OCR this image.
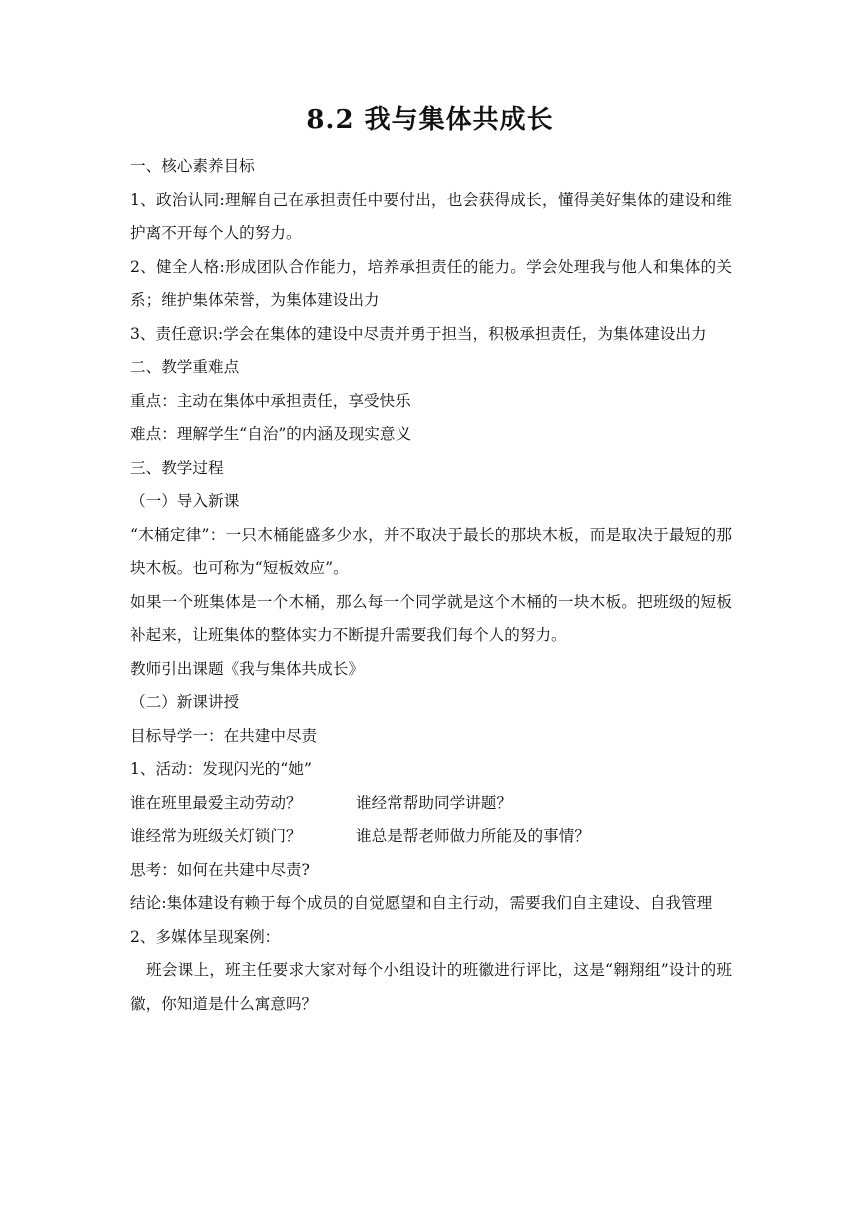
8.2 我与集体共成长

一、核心素养目标

1、政治认同:理解自己在承担责任中要付出，也会获得成长，懂得美好集体的建设和维护离不开每个人的努力。

2、健全人格:形成团队合作能力，培养承担责任的能力。学会处理我与他人和集体的关系；维护集体荣誉，为集体建设出力

3、责任意识:学会在集体的建设中尽责并勇于担当，积极承担责任，为集体建设出力

二、教学重难点

重点：主动在集体中承担责任，享受快乐

难点：理解学生“自治”的内涵及现实意义

三、教学过程

（一）导入新课

“木桶定律”：一只木桶能盛多少水，并不取决于最长的那块木板，而是取决于最短的那块木板。也可称为“短板效应”。

如果一个班集体是一个木桶，那么每一个同学就是这个木桶的一块木板。把班级的短板补起来，让班集体的整体实力不断提升需要我们每个人的努力。

教师引出课题《我与集体共成长》

（二）新课讲授

目标导学一：在共建中尽责

1、活动：发现闪光的“她”

谁在班里最爱主动劳动？	谁经常帮助同学讲题？
谁经常为班级关灯锁门？	谁总是帮老师做力所能及的事情？

思考：如何在共建中尽责?

结论:集体建设有赖于每个成员的自觉愿望和自主行动，需要我们自主建设、自我管理

2、多媒体呈现案例：

班会课上，班主任要求大家对每个小组设计的班徽进行评比，这是“翱翔组”设计的班徽，你知道是什么寓意吗？
